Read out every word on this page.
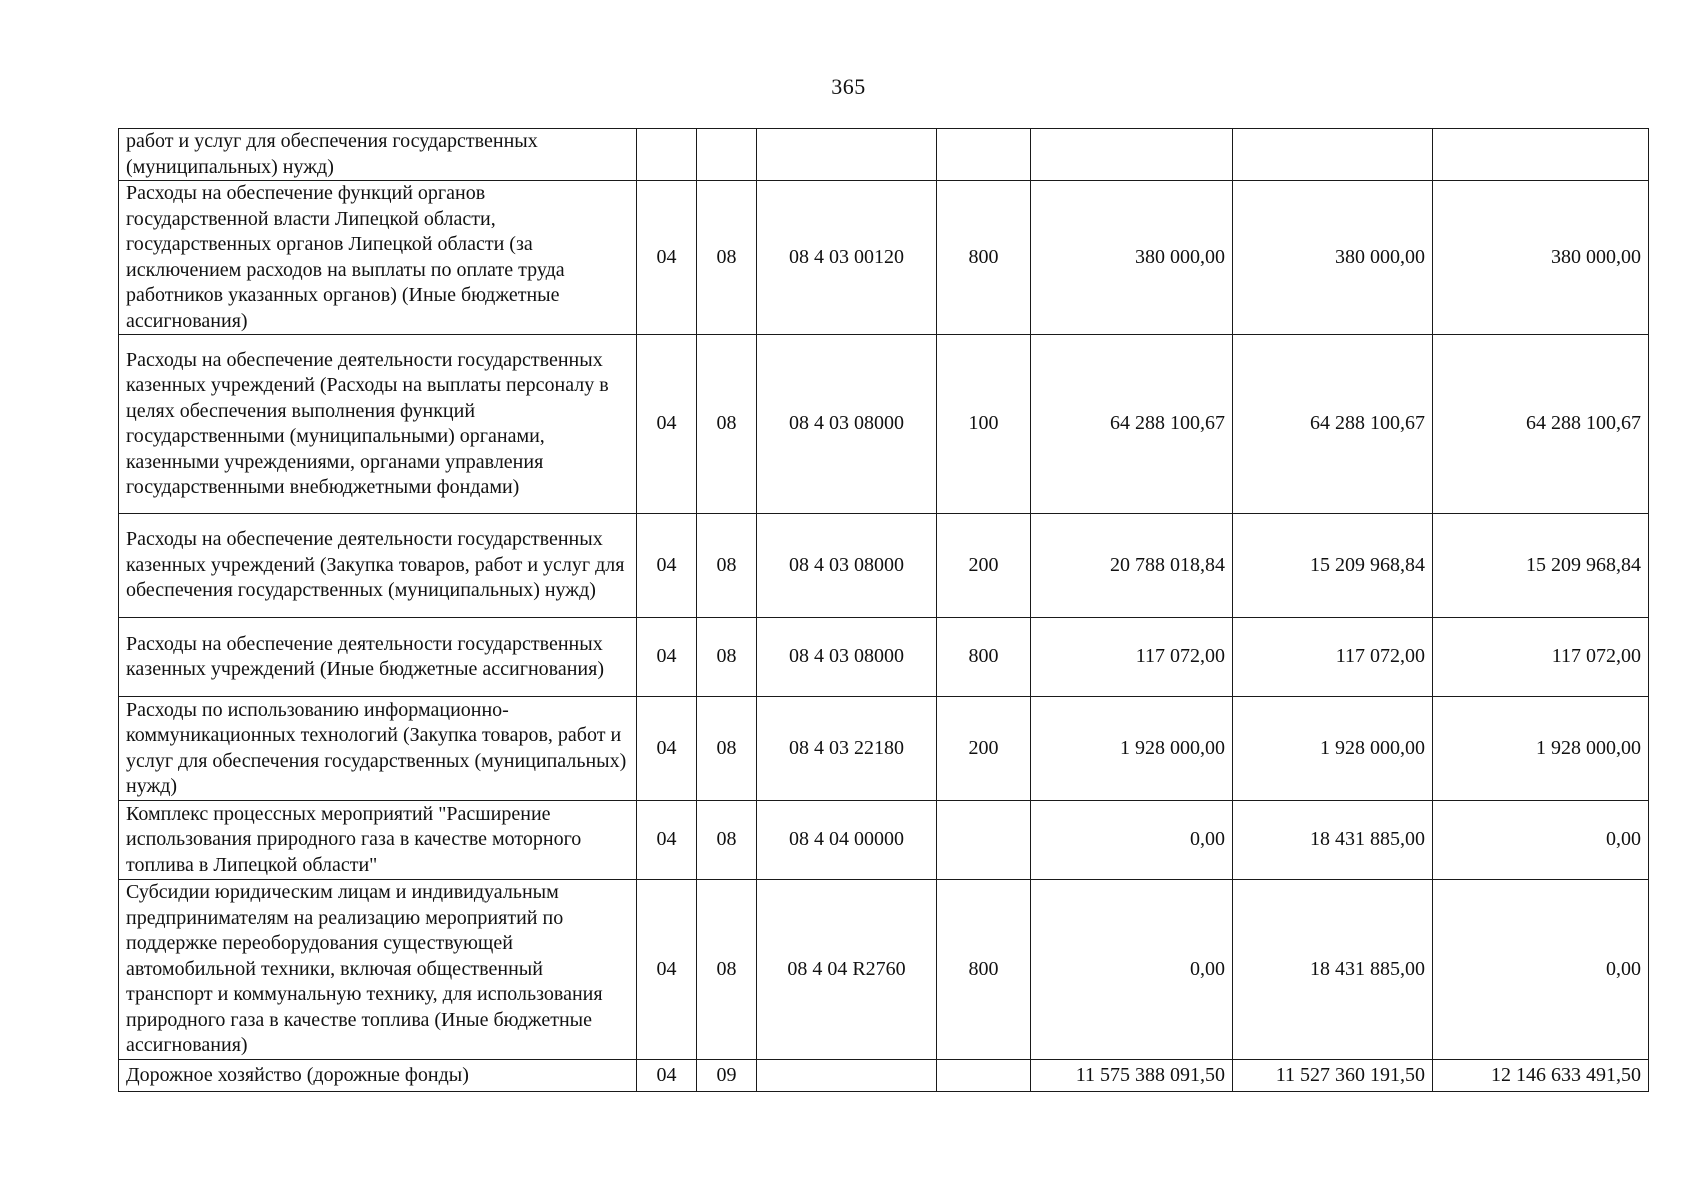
365
работ и услуг для обеспечения государственных (муниципальных) нужд)							
Расходы на обеспечение функций органов государственной власти Липецкой области, государственных органов Липецкой области (за исключением расходов на выплаты по оплате труда работников указанных органов) (Иные бюджетные ассигнования)	04	08	08 4 03 00120	800	380 000,00	380 000,00	380 000,00
Расходы на обеспечение деятельности государственных казенных учреждений (Расходы на выплаты персоналу в целях обеспечения выполнения функций государственными (муниципальными) органами, казенными учреждениями, органами управления государственными внебюджетными фондами)	04	08	08 4 03 08000	100	64 288 100,67	64 288 100,67	64 288 100,67
Расходы на обеспечение деятельности государственных казенных учреждений (Закупка товаров, работ и услуг для обеспечения государственных (муниципальных) нужд)	04	08	08 4 03 08000	200	20 788 018,84	15 209 968,84	15 209 968,84
Расходы на обеспечение деятельности государственных казенных учреждений (Иные бюджетные ассигнования)	04	08	08 4 03 08000	800	117 072,00	117 072,00	117 072,00
Расходы по использованию информационно-коммуникационных технологий (Закупка товаров, работ и услуг для обеспечения государственных (муниципальных) нужд)	04	08	08 4 03 22180	200	1 928 000,00	1 928 000,00	1 928 000,00
Комплекс процессных мероприятий "Расширение использования природного газа в качестве моторного топлива в Липецкой области"	04	08	08 4 04 00000		0,00	18 431 885,00	0,00
Субсидии юридическим лицам и индивидуальным предпринимателям на реализацию мероприятий по поддержке переоборудования существующей автомобильной техники, включая общественный транспорт и коммунальную технику, для использования природного газа в качестве топлива (Иные бюджетные ассигнования)	04	08	08 4 04 R2760	800	0,00	18 431 885,00	0,00
Дорожное хозяйство (дорожные фонды)	04	09			11 575 388 091,50	11 527 360 191,50	12 146 633 491,50
